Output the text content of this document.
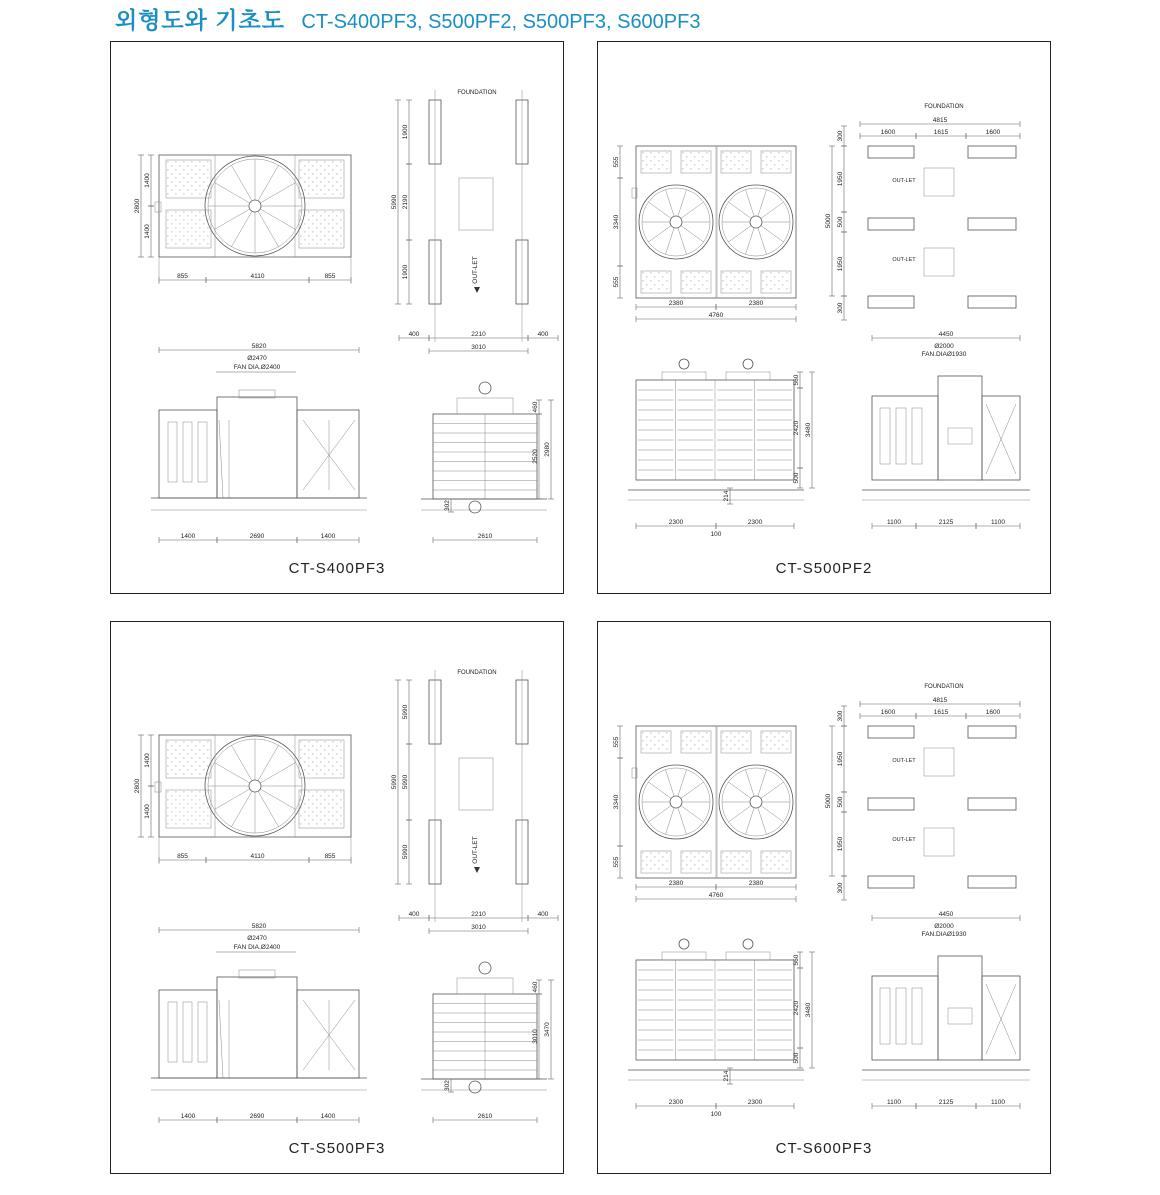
외형도와 기초도 CT-S400PF3, S500PF2, S500PF3, S600PF3
CT-S400PF3
2800
1400
1400
855	4110	855
FOUNDATION
1900
5990 2190
1900
400	2210	400
3010
OUT-LET
5820
Ø2470
FAN DIA.Ø2400
1400	2690	1400
460
2520 2980
302
2610
CT-S500PF2
555
3340
555
2380	2380
4760
FOUNDATION
4815
1600	1615	1600
OUT-LET
OUT-LET
300
1950
5000 500
1950
300
560
2420 3480
500
214
2300	2300
100
4450
Ø2000
FAN.DIAØ1930
1100	2125	1100
CT-S500PF3
2800
1400
1400
855	4110	855
FOUNDATION
5990
5990 5990
5990
400	2210	400
3010
OUT-LET
5820
Ø2470
FAN DIA.Ø2400
1400	2690	1400
460
3010 3470
302
2610
CT-S600PF3
555
3340
555
2380	2380
4760
FOUNDATION
4815
1600	1615	1600
OUT-LET
OUT-LET
300
1950
5000 500
1950
300
560
2420 3480
500
214
2300	2300
100
4450
Ø2000
FAN.DIAØ1930
1100	2125	1100
